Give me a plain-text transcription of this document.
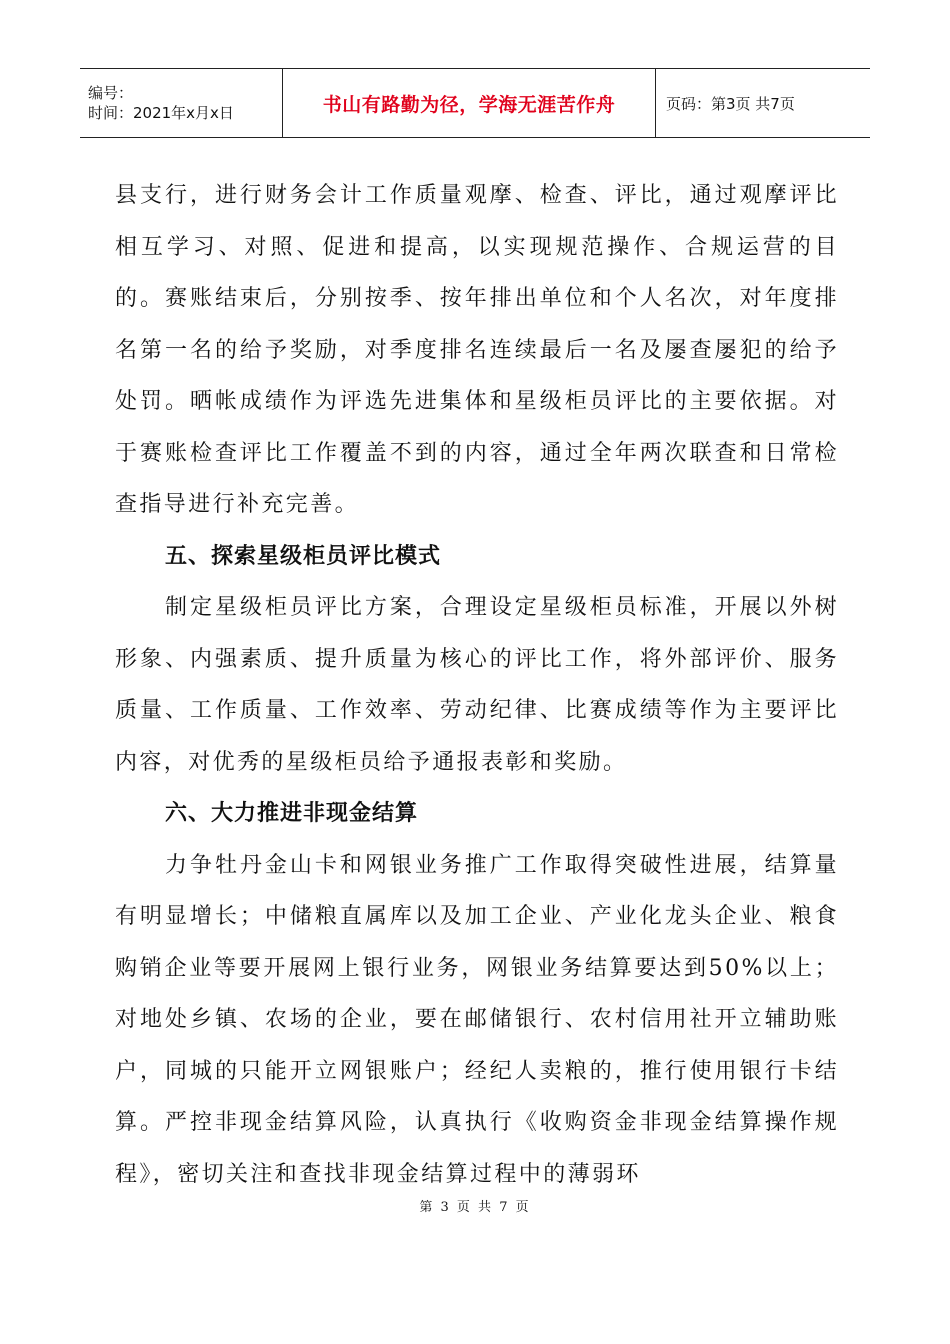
编号：
时间：2021年x月x日	书山有路勤为径，学海无涯苦作舟	页码：第3页 共7页

县支行，进行财务会计工作质量观摩、检查、评比，通过观摩评比相互学习、对照、促进和提高，以实现规范操作、合规运营的目的。赛账结束后，分别按季、按年排出单位和个人名次，对年度排名第一名的给予奖励，对季度排名连续最后一名及屡查屡犯的给予处罚。晒帐成绩作为评选先进集体和星级柜员评比的主要依据。对于赛账检查评比工作覆盖不到的内容，通过全年两次联查和日常检查指导进行补充完善。

五、探索星级柜员评比模式

制定星级柜员评比方案，合理设定星级柜员标准，开展以外树形象、内强素质、提升质量为核心的评比工作，将外部评价、服务质量、工作质量、工作效率、劳动纪律、比赛成绩等作为主要评比内容，对优秀的星级柜员给予通报表彰和奖励。

六、大力推进非现金结算

力争牡丹金山卡和网银业务推广工作取得突破性进展，结算量有明显增长；中储粮直属库以及加工企业、产业化龙头企业、粮食购销企业等要开展网上银行业务，网银业务结算要达到50%以上；对地处乡镇、农场的企业，要在邮储银行、农村信用社开立辅助账户，同城的只能开立网银账户；经纪人卖粮的，推行使用银行卡结算。严控非现金结算风险，认真执行《收购资金非现金结算操作规程》，密切关注和查找非现金结算过程中的薄弱环

第 3 页 共 7 页
